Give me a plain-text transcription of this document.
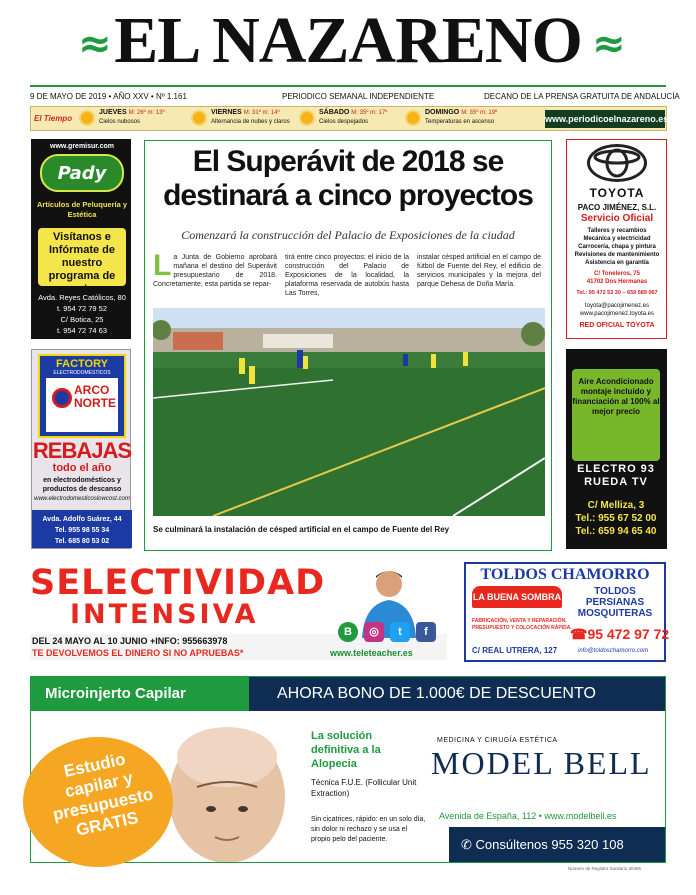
≈ EL NAZARENO ≈
9 DE MAYO DE 2019 • AÑO XXV • Nº 1.161	PERIODICO SEMANAL INDEPENDIENTE	DECANO DE LA PRENSA GRATUITA DE ANDALUCÍA
El Tiempo
JUEVES M: 26º m: 13º
Cielos nubosos
VIERNES M: 31º m: 14º
Alternancia de nubes y claros
SÁBADO M: 35º m: 17º
Cielos despejados
DOMINGO M: 35º m: 19º
Temperaturas en ascenso	www.periodicoelnazareno.es
www.gremisur.com
Pady
Artículos de Peluquería y Estética
Visítanos e Infórmate de nuestro programa de puntos
Avda. Reyes Católicos, 80
t. 954 72 79 52
C/ Botica, 25
t. 954 72 74 63
FACTORY
ELECTRODOMESTICOS
ARCO NORTE
REBAJAS
todo el año
en electrodomésticos y productos de descanso
www.electrodomesticoslowcost.com
Avda. Adolfo Suárez, 44
Tel. 955 98 55 34
Tel. 685 80 53 02
El Superávit de 2018 se
destinará a cinco proyectos
Comenzará la construcción del Palacio de Exposiciones de la ciudad
La Junta de Gobierno aprobará mañana el destino del Superávit presupuestario de 2018. Concretamente, esta partida se repar-
tirá entre cinco proyectos: el inicio de la construcción del Palacio de Exposiciones de la localidad, la plataforma reservada de autobús hasta Las Torres,
instalar césped artificial en el campo de fútbol de Fuente del Rey, el edificio de servicios municipales y la mejora del parque Dehesa de Doña María.
Se culminará la instalación de césped artificial en el campo de Fuente del Rey
TOYOTA
PACO JIMÉNEZ, S.L.
Servicio Oficial
Talleres y recambios
Mecánica y electricidad
Carrocería, chapa y pintura
Revisiones de mantenimiento
Asistencia en garantía
C/ Toneleros, 75
41702 Dos Hermanas
Tel.: 95 472 53 30 – 659 589 067
toyota@pacojimenez.es
www.pacojimenez.toyota.es
RED OFICIAL TOYOTA
Aire Acondicionado montaje incluido y financiación al 100% al mejor precio
ELECTRO 93
RUEDA TV
C/ Melliza, 3
Tel.: 955 67 52 00
Tel.: 659 94 65 40
SELECTIVIDAD
INTENSIVA
DEL 24 MAYO AL 10 JUNIO +INFO: 955663978
TE DEVOLVEMOS EL DINERO SI NO APRUEBAS*
B	◎	t	f
www.teleteacher.es
TOLDOS CHAMORRO
LA BUENA SOMBRA	TOLDOS
PERSIANAS
MOSQUITERAS
FABRICACIÓN, VENTA Y REPARACIÓN. PRESUPUESTO Y COLOCACIÓN RÁPIDA.
☎95 472 97 72
C/ REAL UTRERA, 127	info@toldoschamorro.com
Microinjerto Capilar	AHORA BONO DE 1.000€ DE DESCUENTO
Estudio capilar y presupuesto GRATIS
La solución definitiva a la Alopecia
Técnica F.U.E. (Follicular Unit Extraction)
Sin cicatrices, rápido: en un solo día, sin dolor ni rechazo y se usa el propio pelo del paciente.
MEDICINA Y CIRUGÍA ESTÉTICA
MODEL BELL
Avenida de España, 112 • www.modelbell.es
✆ Consúltenos 955 320 108
Número de Registro Sanitario 30465
